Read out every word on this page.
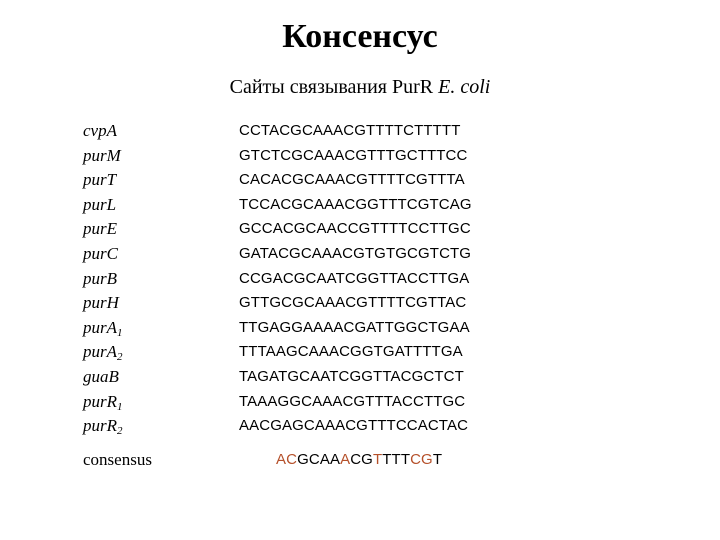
Консенсус
Сайты связывания PurR E. coli
cvpA
purM
purT
purL
purE
purC
purB
purH
purA$_1$
purA$_2$
guaB
purR$_1$
purR$_2$
CCTACGCAAACGTTTTCTTTTT
GTCTCGCAAACGTTTGCTTTCC
CACACGCAAACGTTTTCGTTTA
TCCACGCAAACGGTTTCGTCAG
GCCACGCAACCGTTTTCCTTGC
GATACGCAAACGTGTGCGTCTG
CCGACGCAATCGGTTACCTTGA
GTTGCGCAAACGTTTTCGTTAC
TTGAGGAAAACGATTGGCTGAA
TTTAAGCAAACGGTGATTTTGA
TAGATGCAATCGGTTACGCTCT
TAAAGGCAAACGTTTACCTTGC
AACGAGCAAACGTTTCCACTAC
consensus	ACGCAAACGTTTTCGT
